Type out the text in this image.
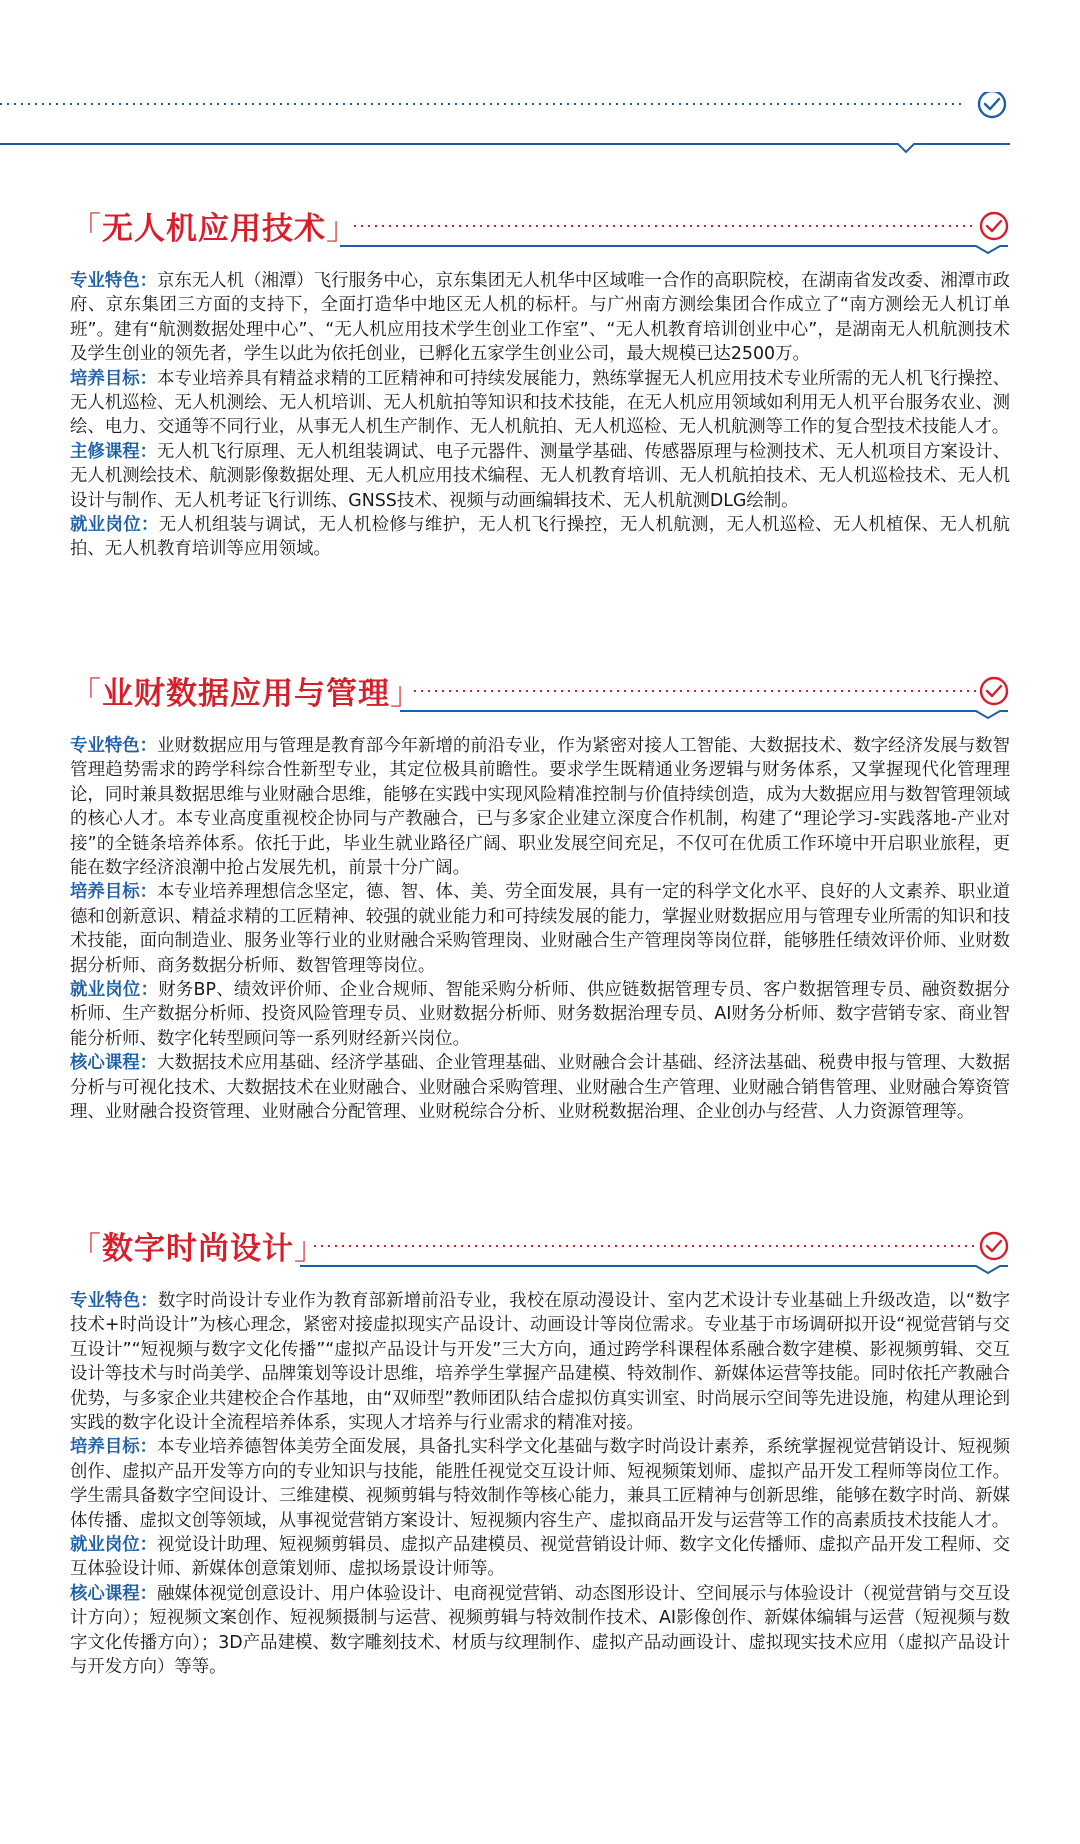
「无人机应用技术」

专业特色：京东无人机（湘潭）飞行服务中心，京东集团无人机华中区域唯一合作的高职院校，在湖南省发改委、湘潭市政府、京东集团三方面的支持下，全面打造华中地区无人机的标杆。与广州南方测绘集团合作成立了“南方测绘无人机订单班”。建有“航测数据处理中心”、“无人机应用技术学生创业工作室”、“无人机教育培训创业中心”，是湖南无人机航测技术及学生创业的领先者，学生以此为依托创业，已孵化五家学生创业公司，最大规模已达2500万。

培养目标：本专业培养具有精益求精的工匠精神和可持续发展能力，熟练掌握无人机应用技术专业所需的无人机飞行操控、无人机巡检、无人机测绘、无人机培训、无人机航拍等知识和技术技能，在无人机应用领域如利用无人机平台服务农业、测绘、电力、交通等不同行业，从事无人机生产制作、无人机航拍、无人机巡检、无人机航测等工作的复合型技术技能人才。

主修课程：无人机飞行原理、无人机组装调试、电子元器件、测量学基础、传感器原理与检测技术、无人机项目方案设计、无人机测绘技术、航测影像数据处理、无人机应用技术编程、无人机教育培训、无人机航拍技术、无人机巡检技术、无人机设计与制作、无人机考证飞行训练、GNSS技术、视频与动画编辑技术、无人机航测DLG绘制。

就业岗位：无人机组装与调试，无人机检修与维护，无人机飞行操控，无人机航测，无人机巡检、无人机植保、无人机航拍、无人机教育培训等应用领域。

「业财数据应用与管理」

专业特色：业财数据应用与管理是教育部今年新增的前沿专业，作为紧密对接人工智能、大数据技术、数字经济发展与数智管理趋势需求的跨学科综合性新型专业，其定位极具前瞻性。要求学生既精通业务逻辑与财务体系，又掌握现代化管理理论，同时兼具数据思维与业财融合思维，能够在实践中实现风险精准控制与价值持续创造，成为大数据应用与数智管理领域的核心人才。本专业高度重视校企协同与产教融合，已与多家企业建立深度合作机制，构建了“理论学习-实践落地-产业对接”的全链条培养体系。依托于此，毕业生就业路径广阔、职业发展空间充足，不仅可在优质工作环境中开启职业旅程，更能在数字经济浪潮中抢占发展先机，前景十分广阔。

培养目标：本专业培养理想信念坚定，德、智、体、美、劳全面发展，具有一定的科学文化水平、良好的人文素养、职业道德和创新意识、精益求精的工匠精神、较强的就业能力和可持续发展的能力，掌握业财数据应用与管理专业所需的知识和技术技能，面向制造业、服务业等行业的业财融合采购管理岗、业财融合生产管理岗等岗位群，能够胜任绩效评价师、业财数据分析师、商务数据分析师、数智管理等岗位。

就业岗位：财务BP、绩效评价师、企业合规师、智能采购分析师、供应链数据管理专员、客户数据管理专员、融资数据分析师、生产数据分析师、投资风险管理专员、业财数据分析师、财务数据治理专员、AI财务分析师、数字营销专家、商业智能分析师、数字化转型顾问等一系列财经新兴岗位。

核心课程：大数据技术应用基础、经济学基础、企业管理基础、业财融合会计基础、经济法基础、税费申报与管理、大数据分析与可视化技术、大数据技术在业财融合、业财融合采购管理、业财融合生产管理、业财融合销售管理、业财融合筹资管理、业财融合投资管理、业财融合分配管理、业财税综合分析、业财税数据治理、企业创办与经营、人力资源管理等。

「数字时尚设计」

专业特色：数字时尚设计专业作为教育部新增前沿专业，我校在原动漫设计、室内艺术设计专业基础上升级改造，以“数字技术+时尚设计”为核心理念，紧密对接虚拟现实产品设计、动画设计等岗位需求。专业基于市场调研拟开设“视觉营销与交互设计”“短视频与数字文化传播”“虚拟产品设计与开发”三大方向，通过跨学科课程体系融合数字建模、影视频剪辑、交互设计等技术与时尚美学、品牌策划等设计思维，培养学生掌握产品建模、特效制作、新媒体运营等技能。同时依托产教融合优势，与多家企业共建校企合作基地，由“双师型”教师团队结合虚拟仿真实训室、时尚展示空间等先进设施，构建从理论到实践的数字化设计全流程培养体系，实现人才培养与行业需求的精准对接。

培养目标：本专业培养德智体美劳全面发展，具备扎实科学文化基础与数字时尚设计素养，系统掌握视觉营销设计、短视频创作、虚拟产品开发等方向的专业知识与技能，能胜任视觉交互设计师、短视频策划师、虚拟产品开发工程师等岗位工作。学生需具备数字空间设计、三维建模、视频剪辑与特效制作等核心能力，兼具工匠精神与创新思维，能够在数字时尚、新媒体传播、虚拟文创等领域，从事视觉营销方案设计、短视频内容生产、虚拟商品开发与运营等工作的高素质技术技能人才。

就业岗位：视觉设计助理、短视频剪辑员、虚拟产品建模员、视觉营销设计师、数字文化传播师、虚拟产品开发工程师、交互体验设计师、新媒体创意策划师、虚拟场景设计师等。

核心课程：融媒体视觉创意设计、用户体验设计、电商视觉营销、动态图形设计、空间展示与体验设计（视觉营销与交互设计方向）；短视频文案创作、短视频摄制与运营、视频剪辑与特效制作技术、AI影像创作、新媒体编辑与运营（短视频与数字文化传播方向）；3D产品建模、数字雕刻技术、材质与纹理制作、虚拟产品动画设计、虚拟现实技术应用（虚拟产品设计与开发方向）等等。
